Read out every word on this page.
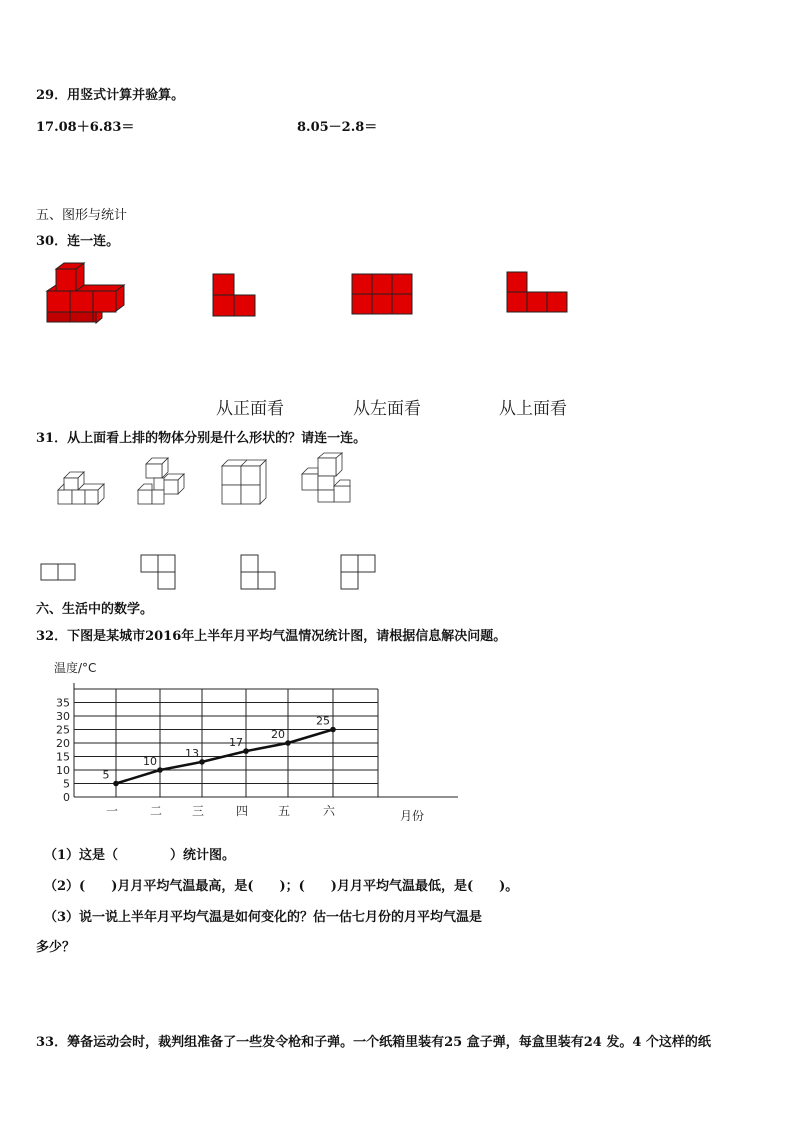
29．用竖式计算并验算。
17.08＋6.83＝	8.05－2.8＝
五、图形与统计
30．连一连。
从正面看	从左面看	从上面看
31．从上面看上排的物体分别是什么形状的？请连一连。
六、生活中的数学。
32．下图是某城市2016年上半年月平均气温情况统计图，请根据信息解决问题。
温度/°C
月份
0
5
10
15
20
25
30
35
一	二 三	四 五	六
5
10
13
17
20
25
（1）这是（　　　　）统计图。
（2）(　　)月月平均气温最高，是(　　)；(　　)月月平均气温最低，是(　　)。
（3）说一说上半年月平均气温是如何变化的？估一估七月份的月平均气温是
多少？
33．筹备运动会时，裁判组准备了一些发令枪和子弹。一个纸箱里装有25 盒子弹，每盒里装有24 发。4 个这样的纸
